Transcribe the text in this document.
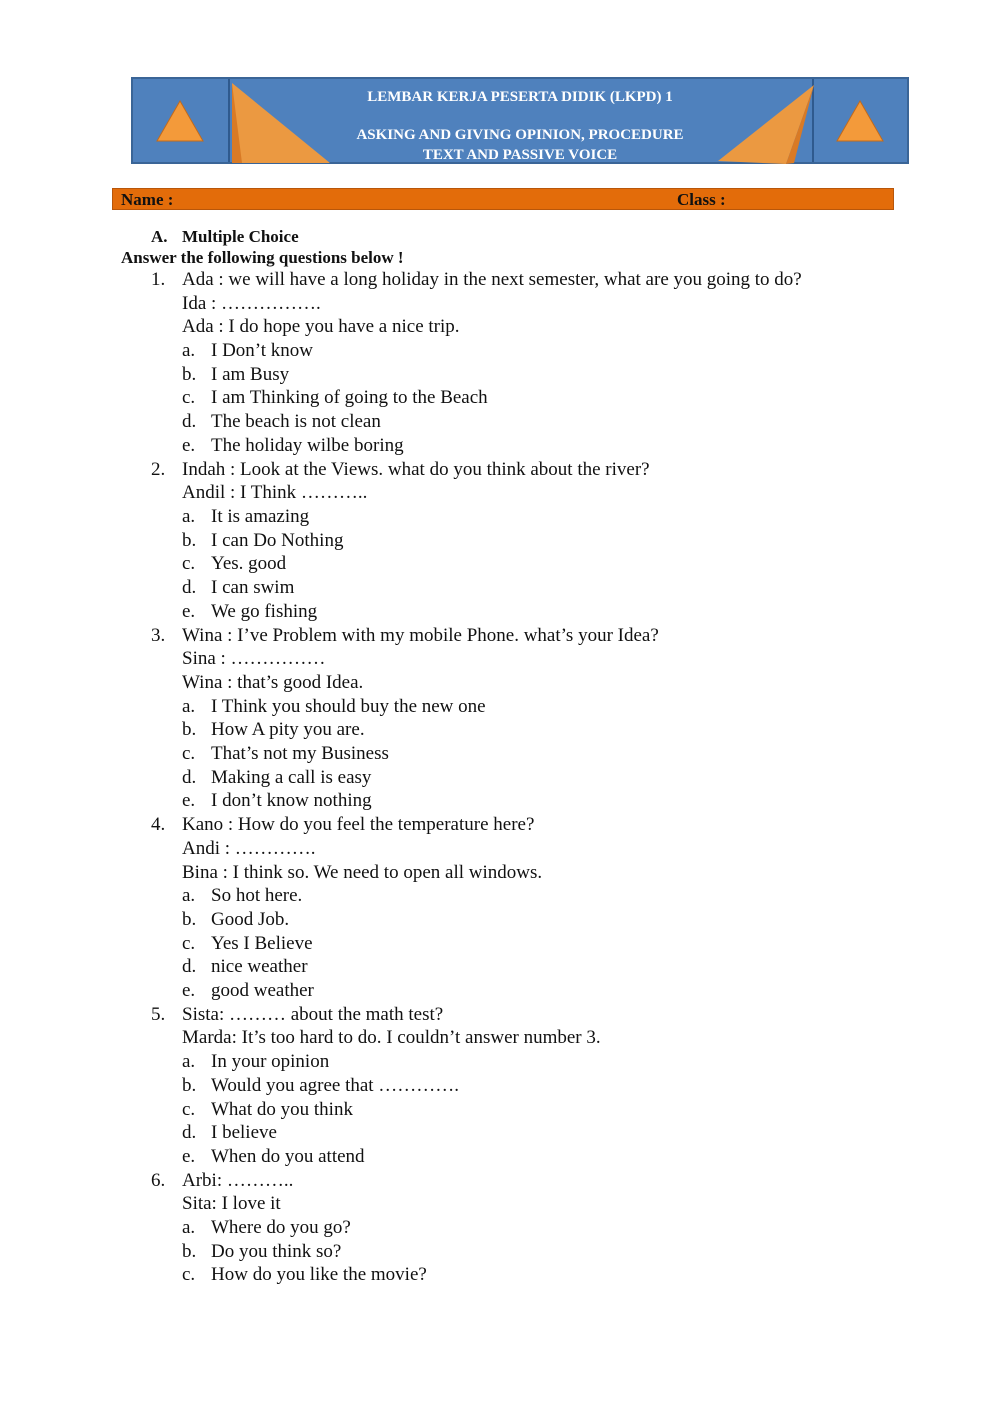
LEMBAR KERJA PESERTA DIDIK (LKPD) 1
ASKING AND GIVING OPINION, PROCEDURE
TEXT AND PASSIVE VOICE
Name :	Class :
A. Multiple Choice
Answer the following questions below !
1. Ada : we will have a long holiday in the next semester, what are you going to do?
Ida : …………….
Ada : I do hope you have a nice trip.
a. I Don’t know
b. I am Busy
c. I am Thinking of going to the Beach
d. The beach is not clean
e. The holiday wilbe boring
2. Indah : Look at the Views. what do you think about the river?
Andil : I Think ………..
a. It is amazing
b. I can Do Nothing
c. Yes. good
d. I can swim
e. We go fishing
3. Wina : I’ve Problem with my mobile Phone. what’s your Idea?
Sina : ……………
Wina : that’s good Idea.
a. I Think you should buy the new one
b. How A pity you are.
c. That’s not my Business
d. Making a call is easy
e. I don’t know nothing
4. Kano : How do you feel the temperature here?
Andi : ………….
Bina : I think so. We need to open all windows.
a. So hot here.
b. Good Job.
c. Yes I Believe
d. nice weather
e. good weather
5. Sista: ……… about the math test?
Marda: It’s too hard to do. I couldn’t answer number 3.
a. In your opinion
b. Would you agree that ………….
c. What do you think
d. I believe
e. When do you attend
6. Arbi: ………..
Sita: I love it
a. Where do you go?
b. Do you think so?
c. How do you like the movie?
